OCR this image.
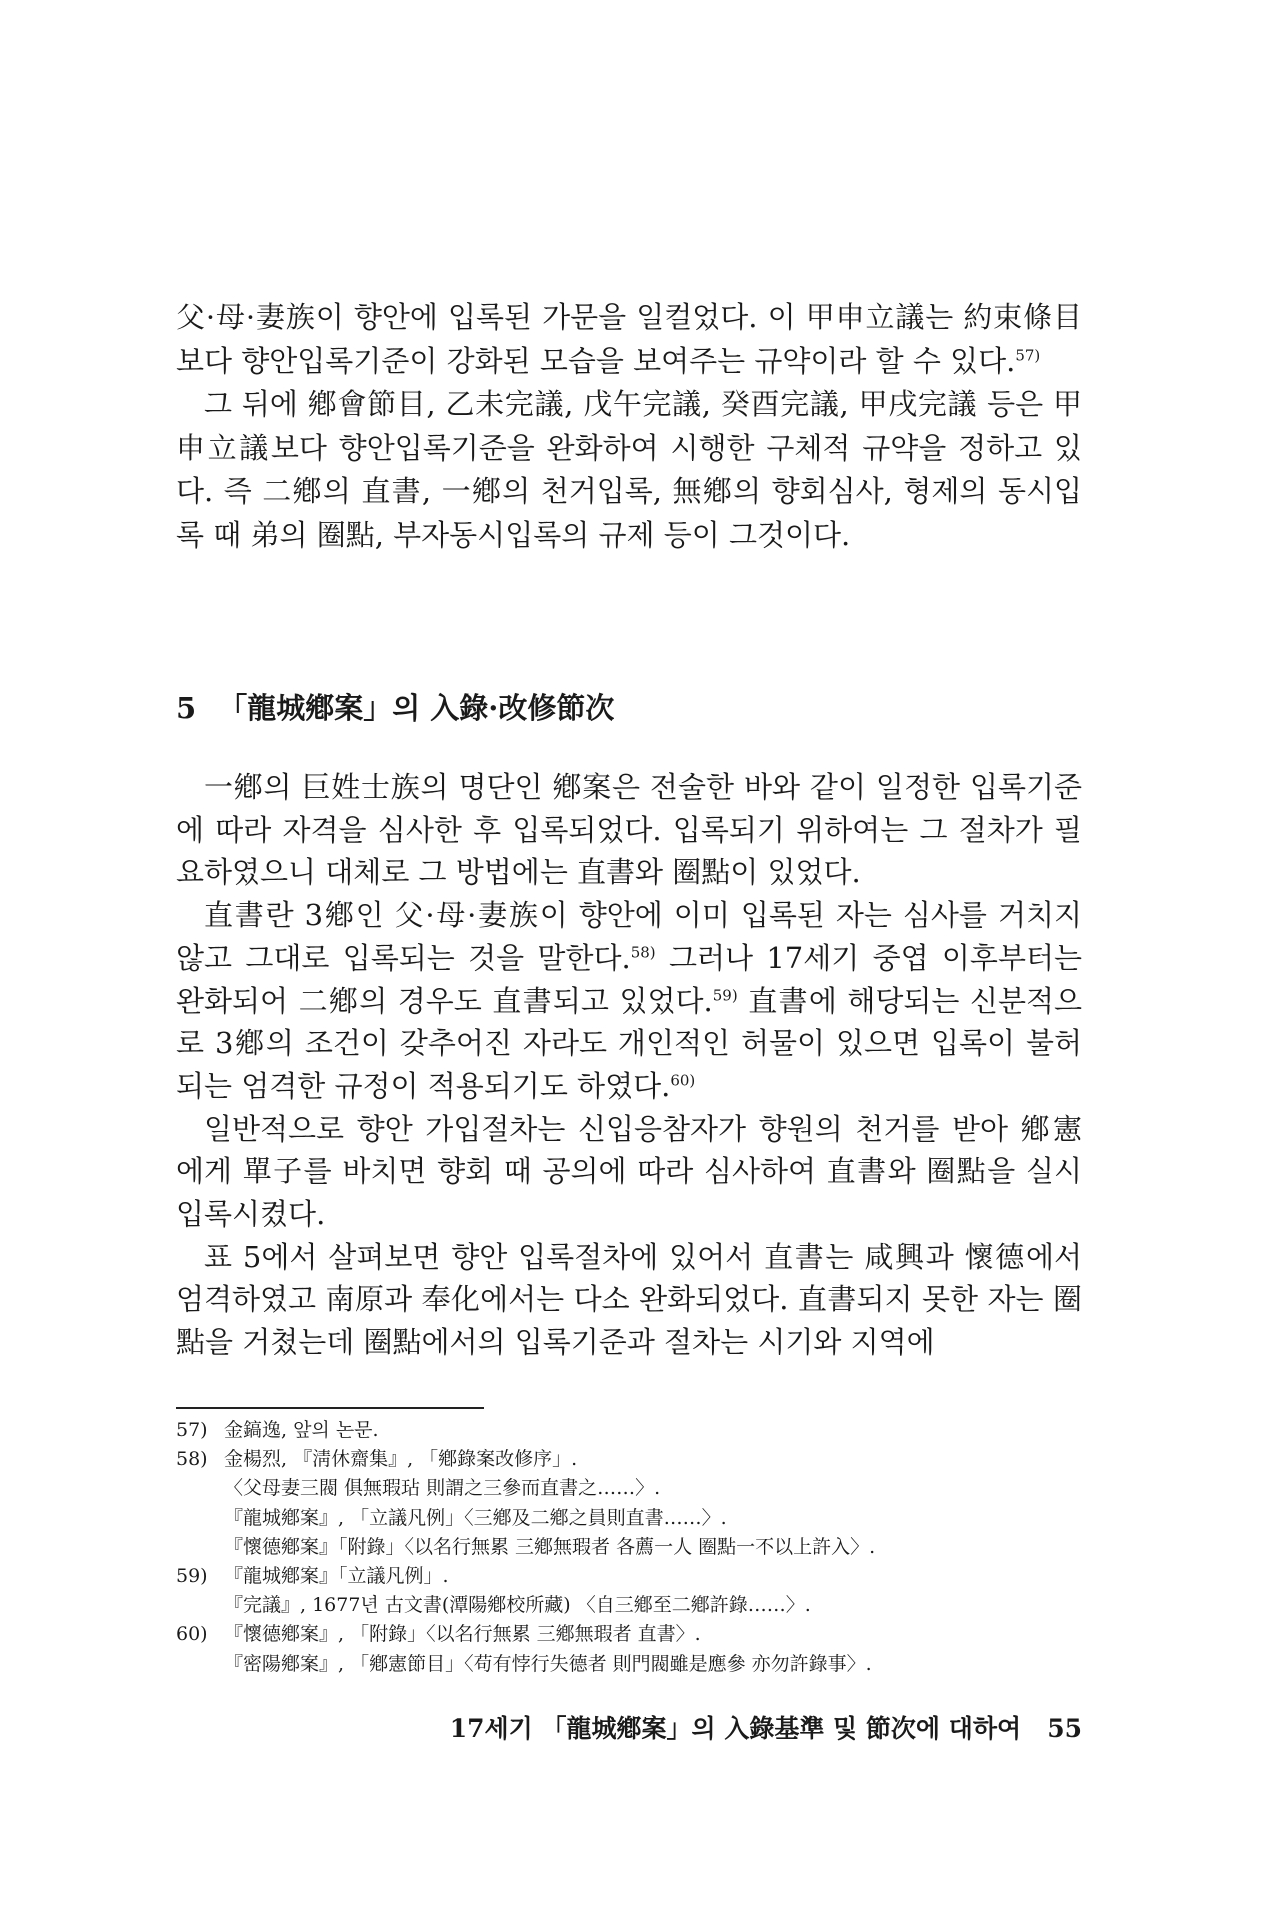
父·母·妻族이 향안에 입록된 가문을 일컬었다. 이 甲申立議는 約束條目보다 향안입록기준이 강화된 모습을 보여주는 규약이라 할 수 있다.$^{57)}$

그 뒤에 鄕會節目, 乙未完議, 戊午完議, 癸酉完議, 甲戌完議 등은 甲申立議보다 향안입록기준을 완화하여 시행한 구체적 규약을 정하고 있다. 즉 二鄕의 直書, 一鄕의 천거입록, 無鄕의 향회심사, 형제의 동시입록 때 弟의 圈點, 부자동시입록의 규제 등이 그것이다.

5 「龍城鄕案」의 入錄·改修節次

一鄕의 巨姓士族의 명단인 鄕案은 전술한 바와 같이 일정한 입록기준에 따라 자격을 심사한 후 입록되었다. 입록되기 위하여는 그 절차가 필요하였으니 대체로 그 방법에는 直書와 圈點이 있었다.

直書란 3鄕인 父·母·妻族이 향안에 이미 입록된 자는 심사를 거치지 않고 그대로 입록되는 것을 말한다.$^{58)}$ 그러나 17세기 중엽 이후부터는 완화되어 二鄕의 경우도 直書되고 있었다.$^{59)}$ 直書에 해당되는 신분적으로 3鄕의 조건이 갖추어진 자라도 개인적인 허물이 있으면 입록이 불허되는 엄격한 규정이 적용되기도 하였다.$^{60)}$

일반적으로 향안 가입절차는 신입응참자가 향원의 천거를 받아 鄕憲에게 單子를 바치면 향회 때 공의에 따라 심사하여 直書와 圈點을 실시 입록시켰다.

표 5에서 살펴보면 향안 입록절차에 있어서 直書는 咸興과 懷德에서 엄격하였고 南原과 奉化에서는 다소 완화되었다. 直書되지 못한 자는 圈點을 거쳤는데 圈點에서의 입록기준과 절차는 시기와 지역에

57) 金鎬逸, 앞의 논문.

58) 金楊烈, 『淸休齋集』, 「鄕錄案改修序」.

〈父母妻三閥 俱無瑕玷 則謂之三參而直書之……〉.

『龍城鄕案』, 「立議凡例」〈三鄕及二鄕之員則直書……〉.

『懷德鄕案』「附錄」〈以名行無累 三鄕無瑕者 各薦一人 圈點一不以上許入〉.

59) 『龍城鄕案』「立議凡例」.

『完議』, 1677년 古文書(潭陽鄕校所藏) 〈自三鄕至二鄕許錄……〉.

60) 『懷德鄕案』, 「附錄」〈以名行無累 三鄕無瑕者 直書〉.

『密陽鄕案』, 「鄕憲節目」〈苟有悖行失德者 則門閥雖是應參 亦勿許錄事〉.

17세기 「龍城鄕案」의 入錄基準 및 節次에 대하여 55
